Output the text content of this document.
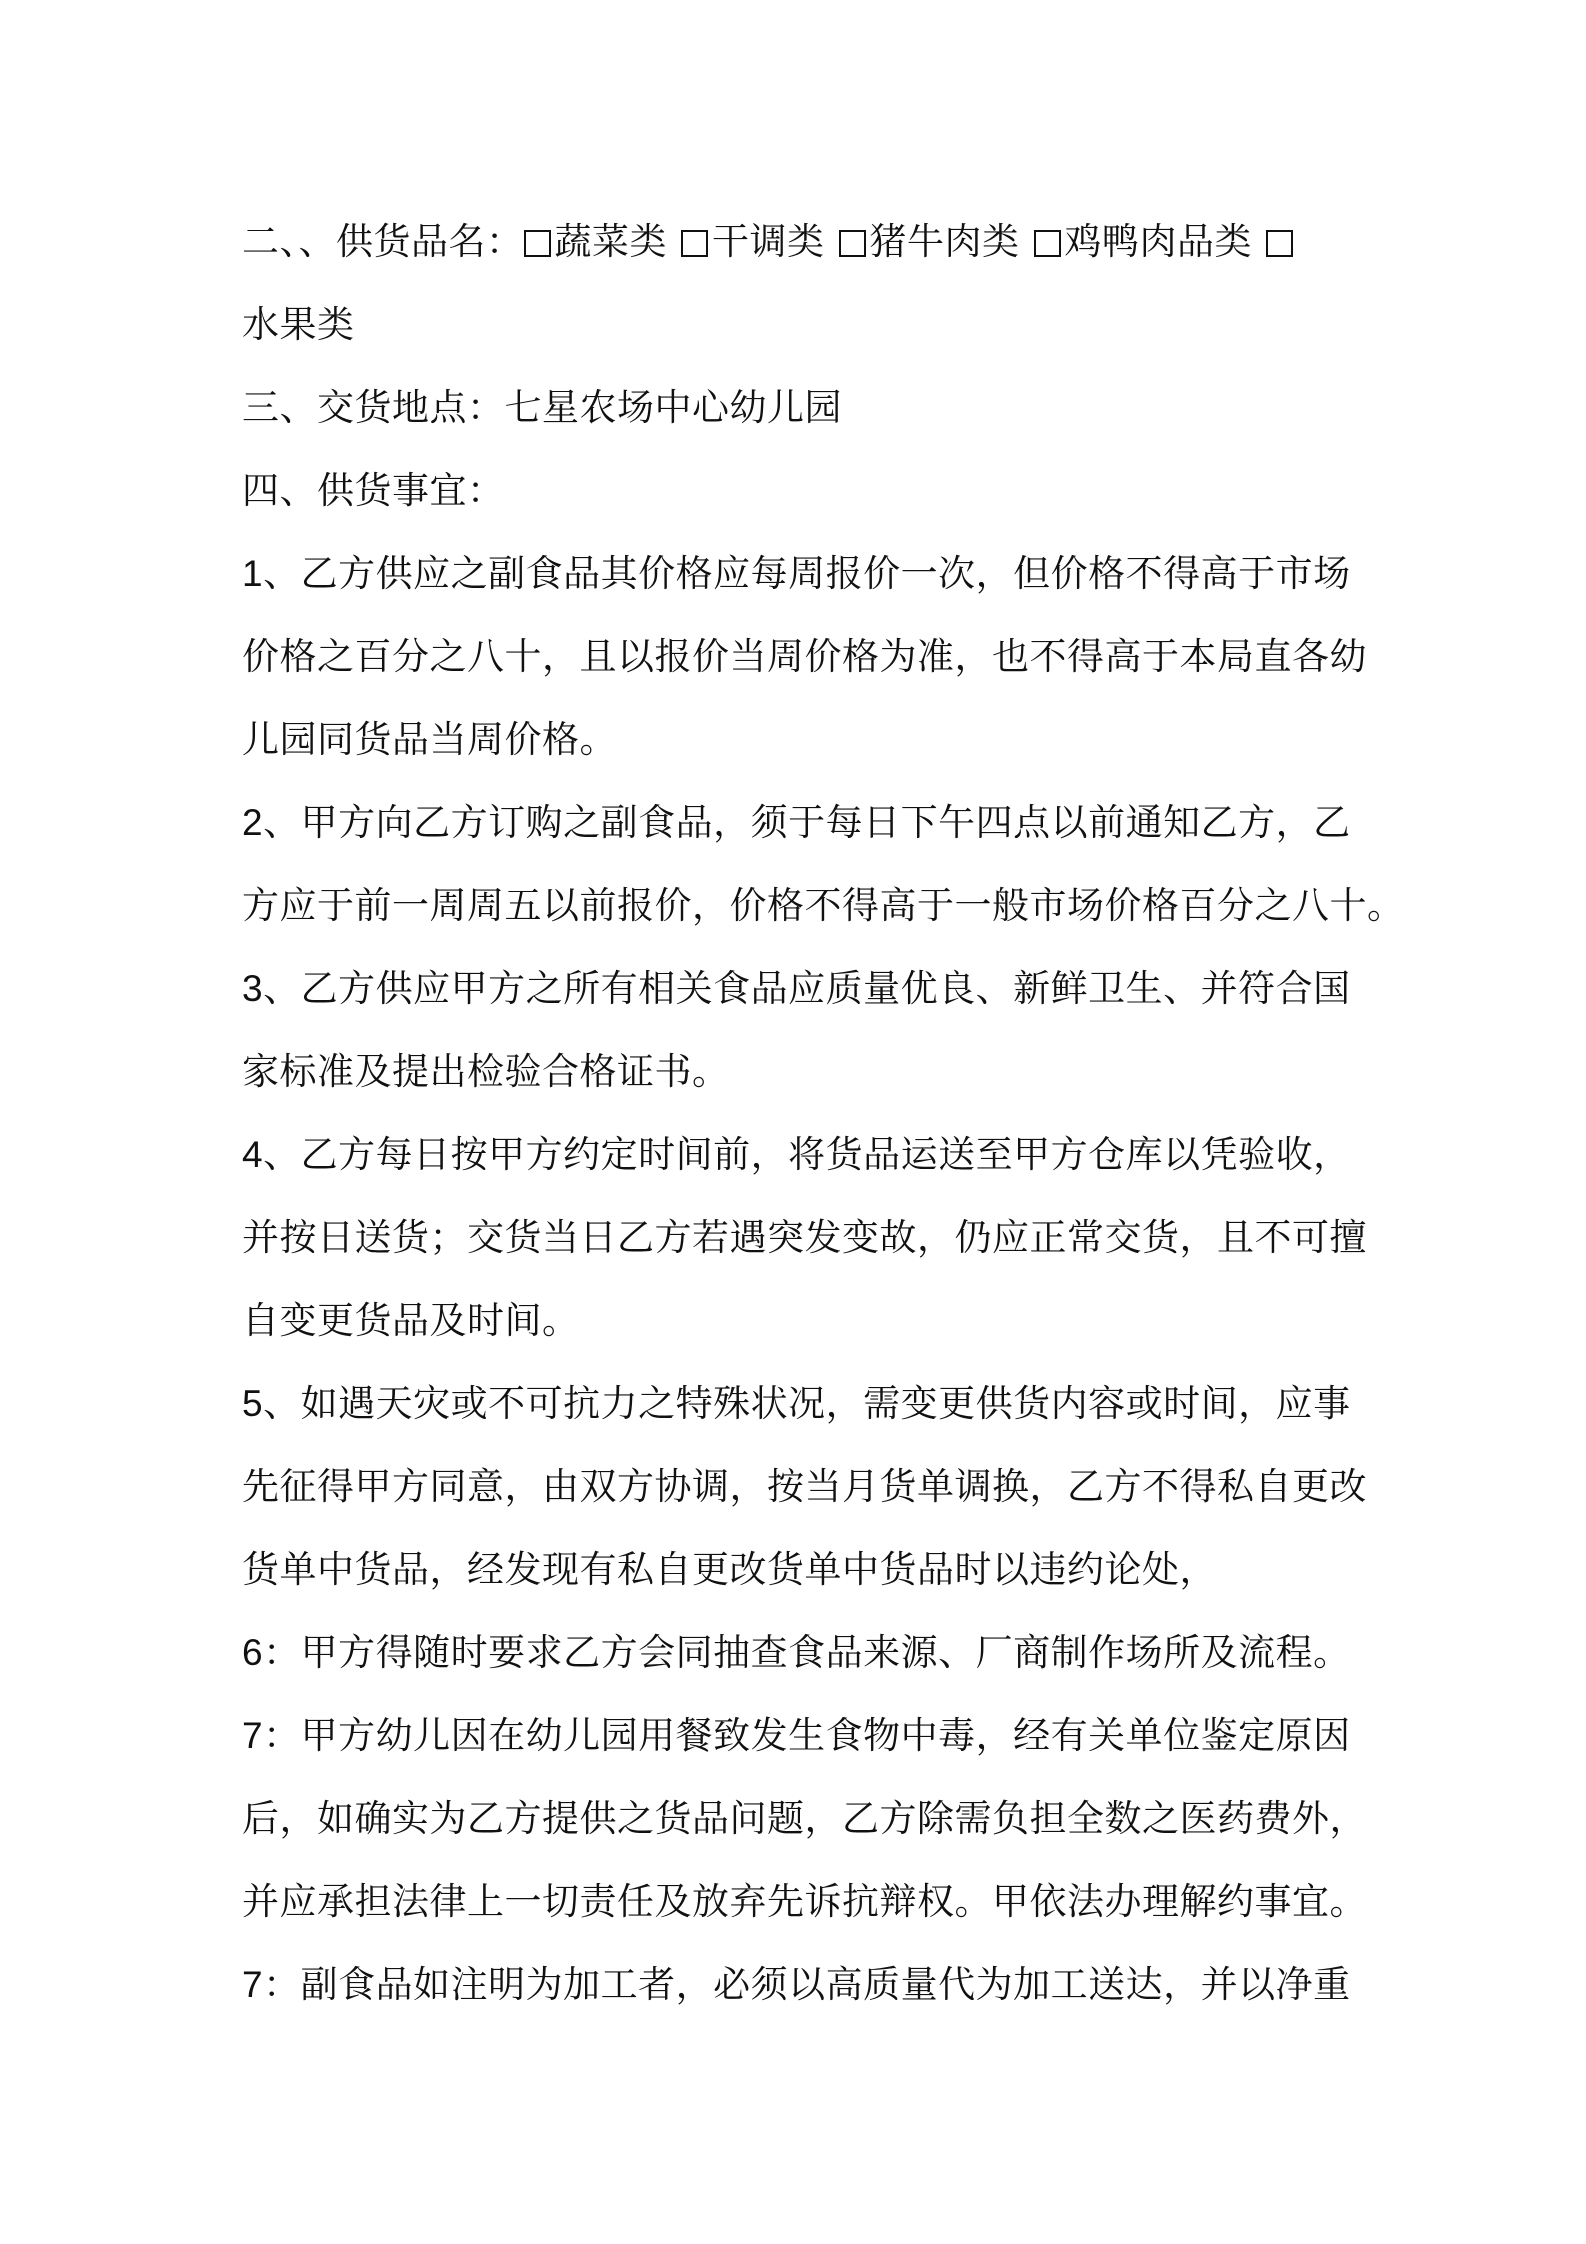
二、、供货品名： 蔬菜类 干调类 猪牛肉类 鸡鸭肉品类
水果类
三、交货地点：七星农场中心幼儿园
四、供货事宜：
1、乙方供应之副食品其价格应每周报价一次，但价格不得高于市场
价格之百分之八十，且以报价当周价格为准，也不得高于本局直各幼
儿园同货品当周价格。
2、甲方向乙方订购之副食品，须于每日下午四点以前通知乙方，乙
方应于前一周周五以前报价，价格不得高于一般市场价格百分之八十。
3、乙方供应甲方之所有相关食品应质量优良、新鲜卫生、并符合国
家标准及提出检验合格证书。
4、乙方每日按甲方约定时间前，将货品运送至甲方仓库以凭验收，
并按日送货；交货当日乙方若遇突发变故，仍应正常交货，且不可擅
自变更货品及时间。
5、如遇天灾或不可抗力之特殊状况，需变更供货内容或时间，应事
先征得甲方同意，由双方协调，按当月货单调换，乙方不得私自更改
货单中货品，经发现有私自更改货单中货品时以违约论处，
6：甲方得随时要求乙方会同抽查食品来源、厂商制作场所及流程。
7：甲方幼儿因在幼儿园用餐致发生食物中毒，经有关单位鉴定原因
后，如确实为乙方提供之货品问题，乙方除需负担全数之医药费外，
并应承担法律上一切责任及放弃先诉抗辩权。甲依法办理解约事宜。
7：副食品如注明为加工者，必须以高质量代为加工送达，并以净重
